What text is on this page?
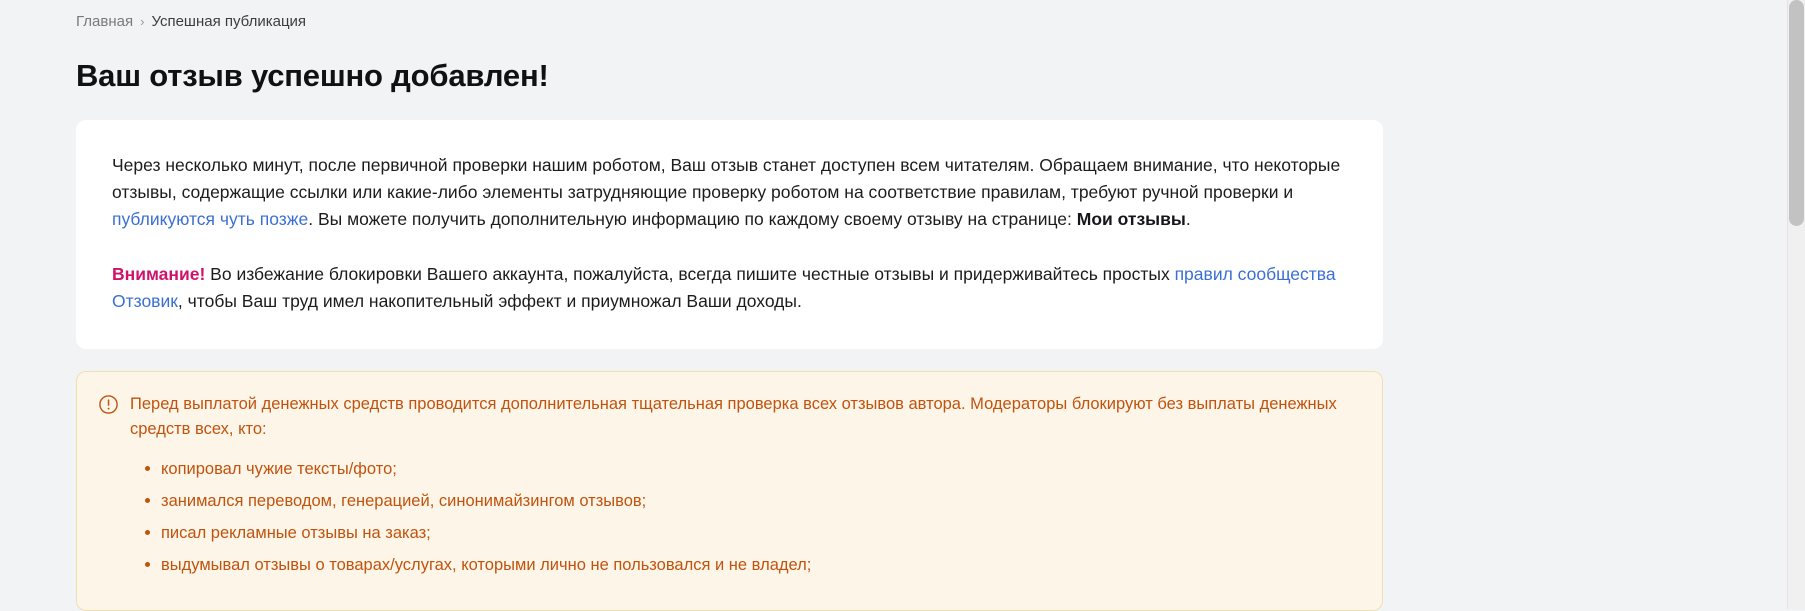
Главная › Успешная публикация
Ваш отзыв успешно добавлен!

Через несколько минут, после первичной проверки нашим роботом, Ваш отзыв станет доступен всем читателям. Обращаем внимание, что некоторые отзывы, содержащие ссылки или какие-либо элементы затрудняющие проверку роботом на соответствие правилам, требуют ручной проверки и публикуются чуть позже. Вы можете получить дополнительную информацию по каждому своему отзыву на странице: Мои отзывы.

Внимание! Во избежание блокировки Вашего аккаунта, пожалуйста, всегда пишите честные отзывы и придерживайтесь простых правил сообщества Отзовик, чтобы Ваш труд имел накопительный эффект и приумножал Ваши доходы.

Перед выплатой денежных средств проводится дополнительная тщательная проверка всех отзывов автора. Модераторы блокируют без выплаты денежных средств всех, кто:
копировал чужие тексты/фото;
занимался переводом, генерацией, синонимайзингом отзывов;
писал рекламные отзывы на заказ;
выдумывал отзывы о товарах/услугах, которыми лично не пользовался и не владел;
